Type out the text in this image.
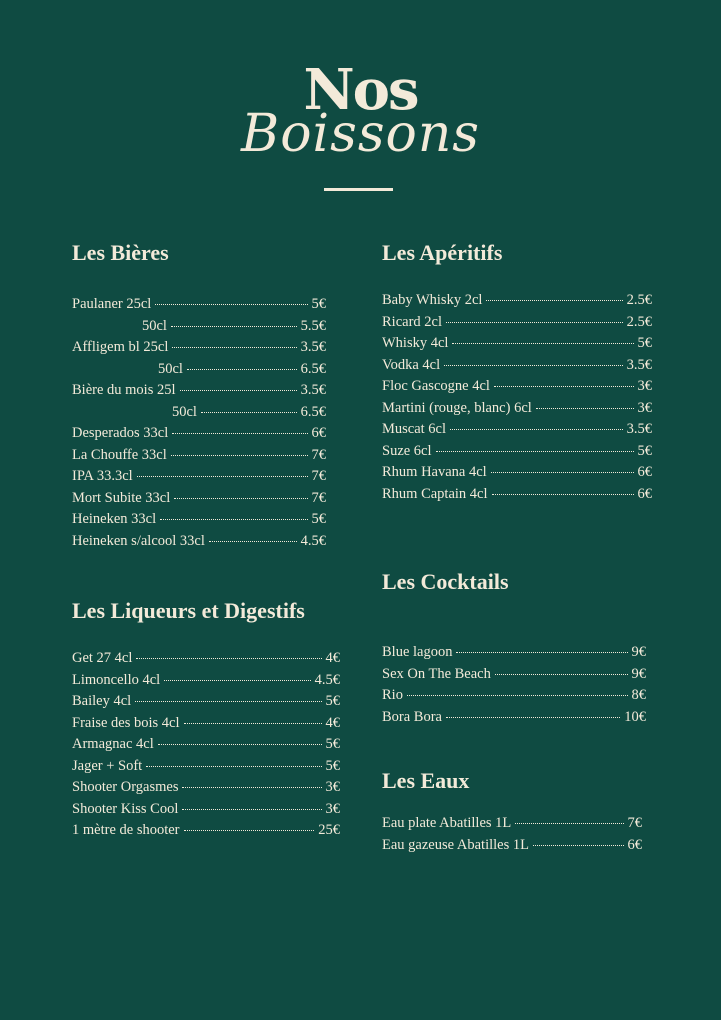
Nos
Boissons
Les Bières
Paulaner 25cl	5€
50cl	5.5€
Affligem bl 25cl	3.5€
50cl	6.5€
Bière du mois 25l	3.5€
50cl	6.5€
Desperados 33cl	6€
La Chouffe 33cl	7€
IPA 33.3cl	7€
Mort Subite 33cl	7€
Heineken 33cl	5€
Heineken s/alcool 33cl	4.5€
Les Apéritifs
Baby Whisky 2cl	2.5€
Ricard 2cl	2.5€
Whisky 4cl	5€
Vodka 4cl	3.5€
Floc Gascogne 4cl	3€
Martini (rouge, blanc) 6cl	3€
Muscat 6cl	3.5€
Suze 6cl	5€
Rhum Havana 4cl	6€
Rhum Captain 4cl	6€
Les Liqueurs et Digestifs
Get 27 4cl	4€
Limoncello 4cl	4.5€
Bailey 4cl	5€
Fraise des bois 4cl	4€
Armagnac 4cl	5€
Jager + Soft	5€
Shooter Orgasmes	3€
Shooter Kiss Cool	3€
1 mètre de shooter	25€
Les Cocktails
Blue lagoon	9€
Sex On The Beach	9€
Rio	8€
Bora Bora	10€
Les Eaux
Eau plate Abatilles 1L	7€
Eau gazeuse Abatilles 1L	6€
